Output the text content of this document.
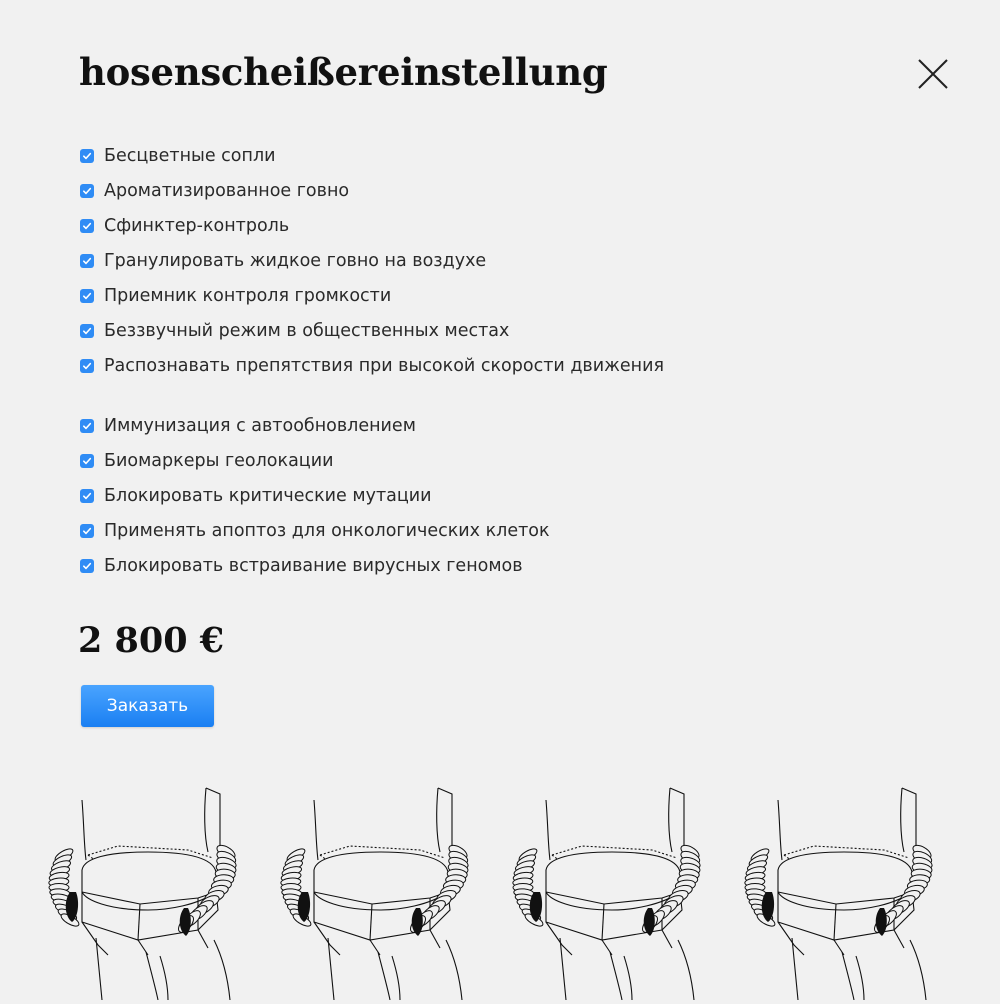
hosenscheißereinstellung
Бесцветные сопли
Ароматизированное говно
Сфинктер-контроль
Гранулировать жидкое говно на воздухе
Приемник контроля громкости
Беззвучный режим в общественных местах
Распознавать препятствия при высокой скорости движения
Иммунизация с автообновлением
Биомаркеры геолокации
Блокировать критические мутации
Применять апоптоз для онкологических клеток
Блокировать встраивание вирусных геномов
2 800 €
Заказать
